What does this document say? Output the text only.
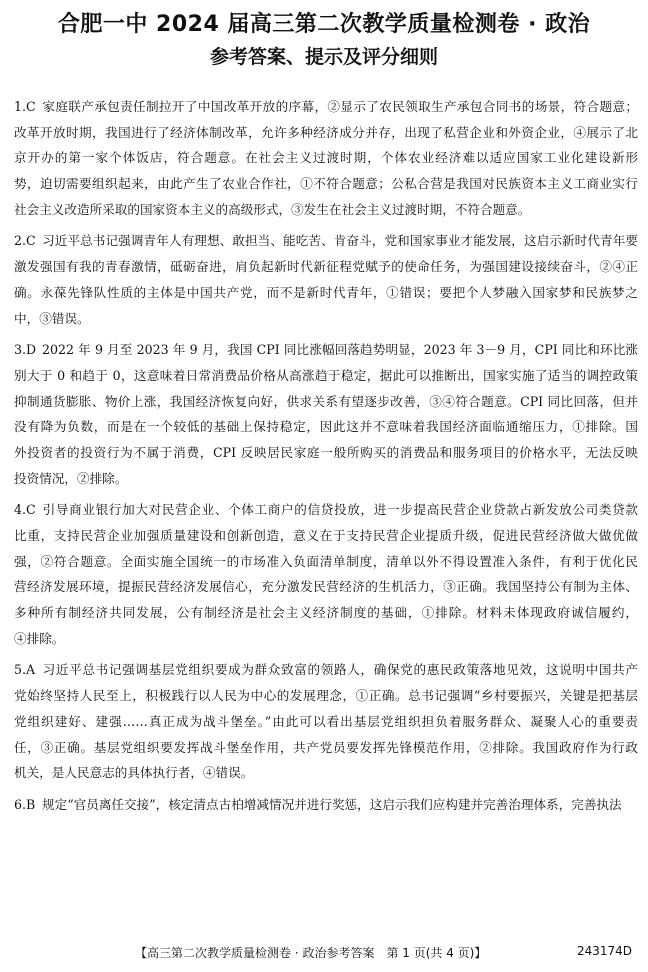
合肥一中 2024 届高三第二次教学质量检测卷 · 政治
参考答案、提示及评分细则
1.C 家庭联产承包责任制拉开了中国改革开放的序幕，②显示了农民领取生产承包合同书的场景，符合题意；
改革开放时期，我国进行了经济体制改革，允许多种经济成分并存，出现了私营企业和外资企业，④展示了北
京开办的第一家个体饭店，符合题意。在社会主义过渡时期，个体农业经济难以适应国家工业化建设新形
势，迫切需要组织起来，由此产生了农业合作社，①不符合题意；公私合营是我国对民族资本主义工商业实行
社会主义改造所采取的国家资本主义的高级形式，③发生在社会主义过渡时期，不符合题意。
2.C 习近平总书记强调青年人有理想、敢担当、能吃苦、肯奋斗，党和国家事业才能发展，这启示新时代青年要
激发强国有我的青春激情，砥砺奋进，肩负起新时代新征程党赋予的使命任务，为强国建设接续奋斗，②④正
确。永葆先锋队性质的主体是中国共产党，而不是新时代青年，①错误；要把个人梦融入国家梦和民族梦之
中，③错误。
3.D 2022 年 9 月至 2023 年 9 月，我国 CPI 同比涨幅回落趋势明显，2023 年 3－9 月，CPI 同比和环比涨
别大于 0 和趋于 0，这意味着日常消费品价格从高涨趋于稳定，据此可以推断出，国家实施了适当的调控政策
抑制通货膨胀、物价上涨，我国经济恢复向好，供求关系有望逐步改善，③④符合题意。CPI 同比回落，但并
没有降为负数，而是在一个较低的基础上保持稳定，因此这并不意味着我国经济面临通缩压力，①排除。国
外投资者的投资行为不属于消费，CPI 反映居民家庭一般所购买的消费品和服务项目的价格水平，无法反映
投资情况，②排除。
4.C 引导商业银行加大对民营企业、个体工商户的信贷投放，进一步提高民营企业贷款占新发放公司类贷款
比重，支持民营企业加强质量建设和创新创造，意义在于支持民营企业提质升级，促进民营经济做大做优做
强，②符合题意。全面实施全国统一的市场准入负面清单制度，清单以外不得设置准入条件，有利于优化民
营经济发展环境，提振民营经济发展信心，充分激发民营经济的生机活力，③正确。我国坚持公有制为主体、
多种所有制经济共同发展，公有制经济是社会主义经济制度的基础，①排除。材料未体现政府诚信履约，
④排除。
5.A 习近平总书记强调基层党组织要成为群众致富的领路人，确保党的惠民政策落地见效，这说明中国共产
党始终坚持人民至上，积极践行以人民为中心的发展理念，①正确。总书记强调“乡村要振兴，关键是把基层
党组织建好、建强……真正成为战斗堡垒。”由此可以看出基层党组织担负着服务群众、凝聚人心的重要责
任，③正确。基层党组织要发挥战斗堡垒作用，共产党员要发挥先锋模范作用，②排除。我国政府作为行政
机关，是人民意志的具体执行者，④错误。
6.B 规定“官员离任交接”，核定清点古柏增减情况并进行奖惩，这启示我们应构建并完善治理体系，完善执法
【高三第二次教学质量检测卷 · 政治参考答案　第 1 页(共 4 页)】	243174D
